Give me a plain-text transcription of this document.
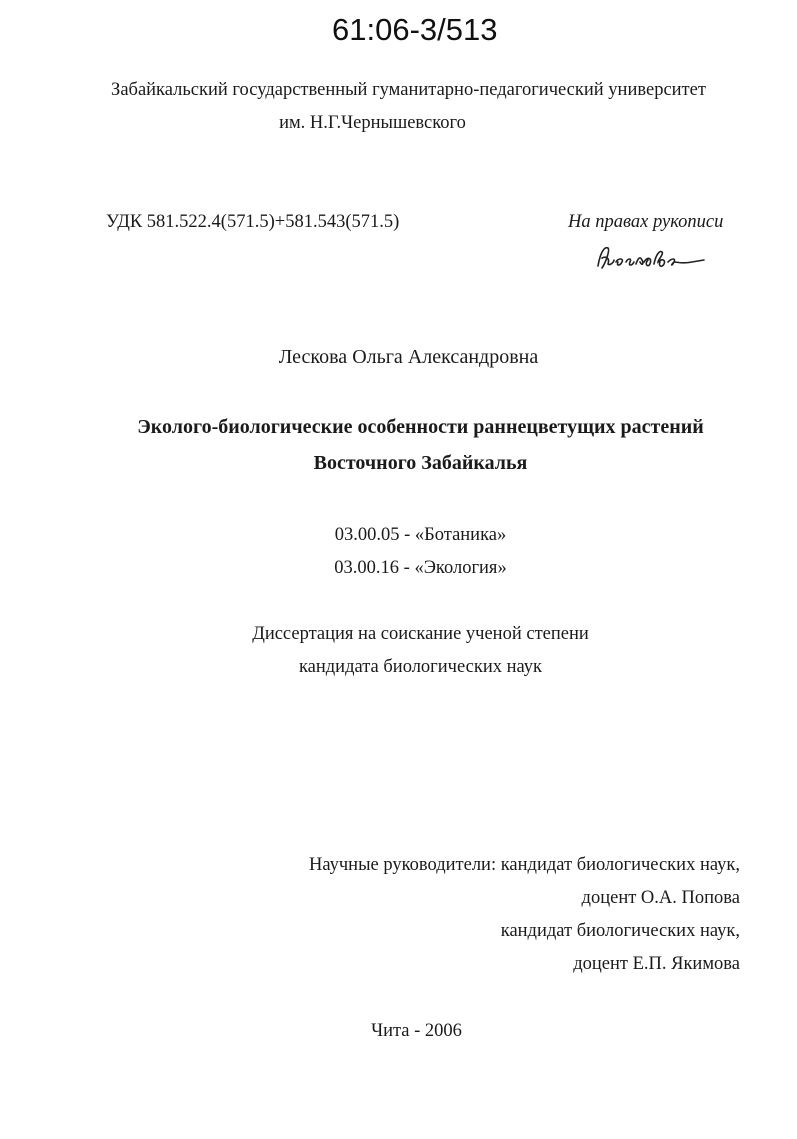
61:06-3/513
Забайкальский государственный гуманитарно-педагогический университет
им. Н.Г.Чернышевского
УДК 581.522.4(571.5)+581.543(571.5)	На правах рукописи
Лескова Ольга Александровна
Эколого-биологические особенности раннецветущих растений
Восточного Забайкалья
03.00.05 - «Ботаника»
03.00.16 - «Экология»
Диссертация на соискание ученой степени
кандидата биологических наук
Научные руководители: кандидат биологических наук,
доцент О.А. Попова
кандидат биологических наук,
доцент Е.П. Якимова
Чита - 2006
